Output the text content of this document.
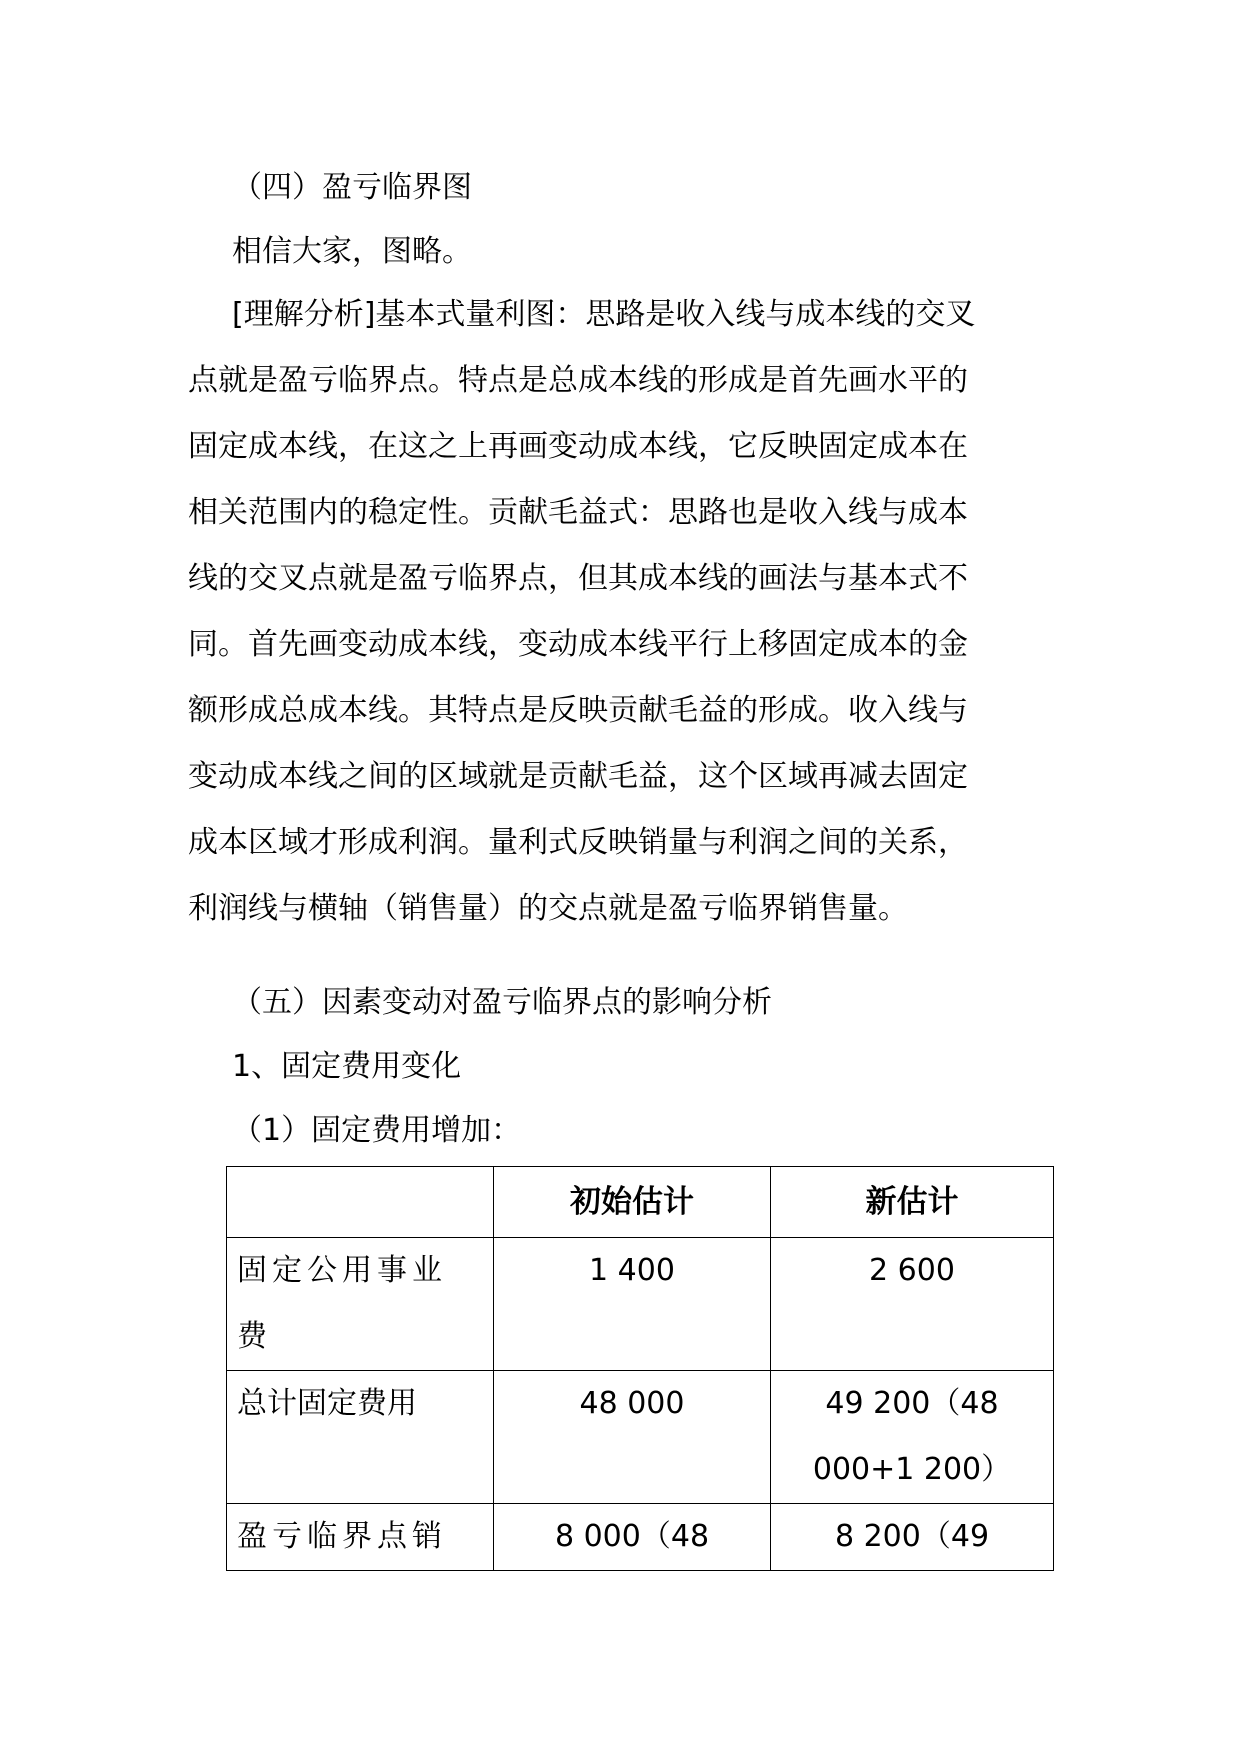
（四）盈亏临界图
相信大家，图略。
[理解分析]基本式量利图：思路是收入线与成本线的交叉
点就是盈亏临界点。特点是总成本线的形成是首先画水平的
固定成本线，在这之上再画变动成本线，它反映固定成本在
相关范围内的稳定性。贡献毛益式：思路也是收入线与成本
线的交叉点就是盈亏临界点，但其成本线的画法与基本式不
同。首先画变动成本线，变动成本线平行上移固定成本的金
额形成总成本线。其特点是反映贡献毛益的形成。收入线与
变动成本线之间的区域就是贡献毛益，这个区域再减去固定
成本区域才形成利润。量利式反映销量与利润之间的关系，
利润线与横轴（销售量）的交点就是盈亏临界销售量。
（五）因素变动对盈亏临界点的影响分析
1、固定费用变化
（1）固定费用增加：
	初始估计	新估计

固定公用事业
费	1 400	2 600

总计固定费用	48 000	49 200（48
000+1 200）

盈亏临界点销	8 000（48	8 200（49
